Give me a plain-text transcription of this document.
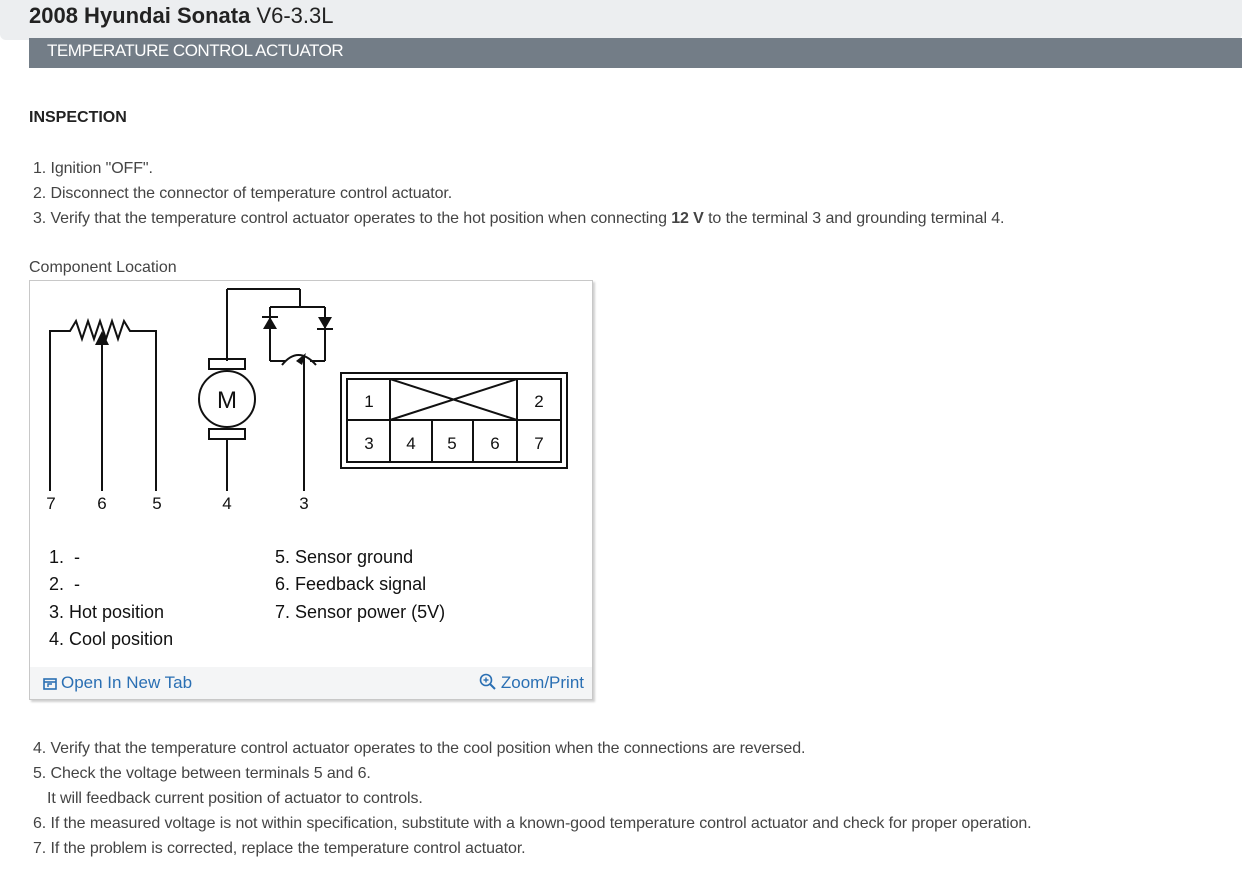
2008 Hyundai Sonata V6-3.3L
TEMPERATURE CONTROL ACTUATOR
INSPECTION
1. Ignition "OFF".
2. Disconnect the connector of temperature control actuator.
3. Verify that the temperature control actuator operates to the hot position when connecting 12 V to the terminal 3 and grounding terminal 4.
Component Location
M
7 6	5	4	3
1	2
3 4 5 6 7
1.  -
2.  -
3. Hot position
4. Cool position
5. Sensor ground
6. Feedback signal
7. Sensor power (5V)
Open In New Tab	Zoom/Print
4. Verify that the temperature control actuator operates to the cool position when the connections are reversed.
5. Check the voltage between terminals 5 and 6.
It will feedback current position of actuator to controls.
6. If the measured voltage is not within specification, substitute with a known-good temperature control actuator and check for proper operation.
7. If the problem is corrected, replace the temperature control actuator.
